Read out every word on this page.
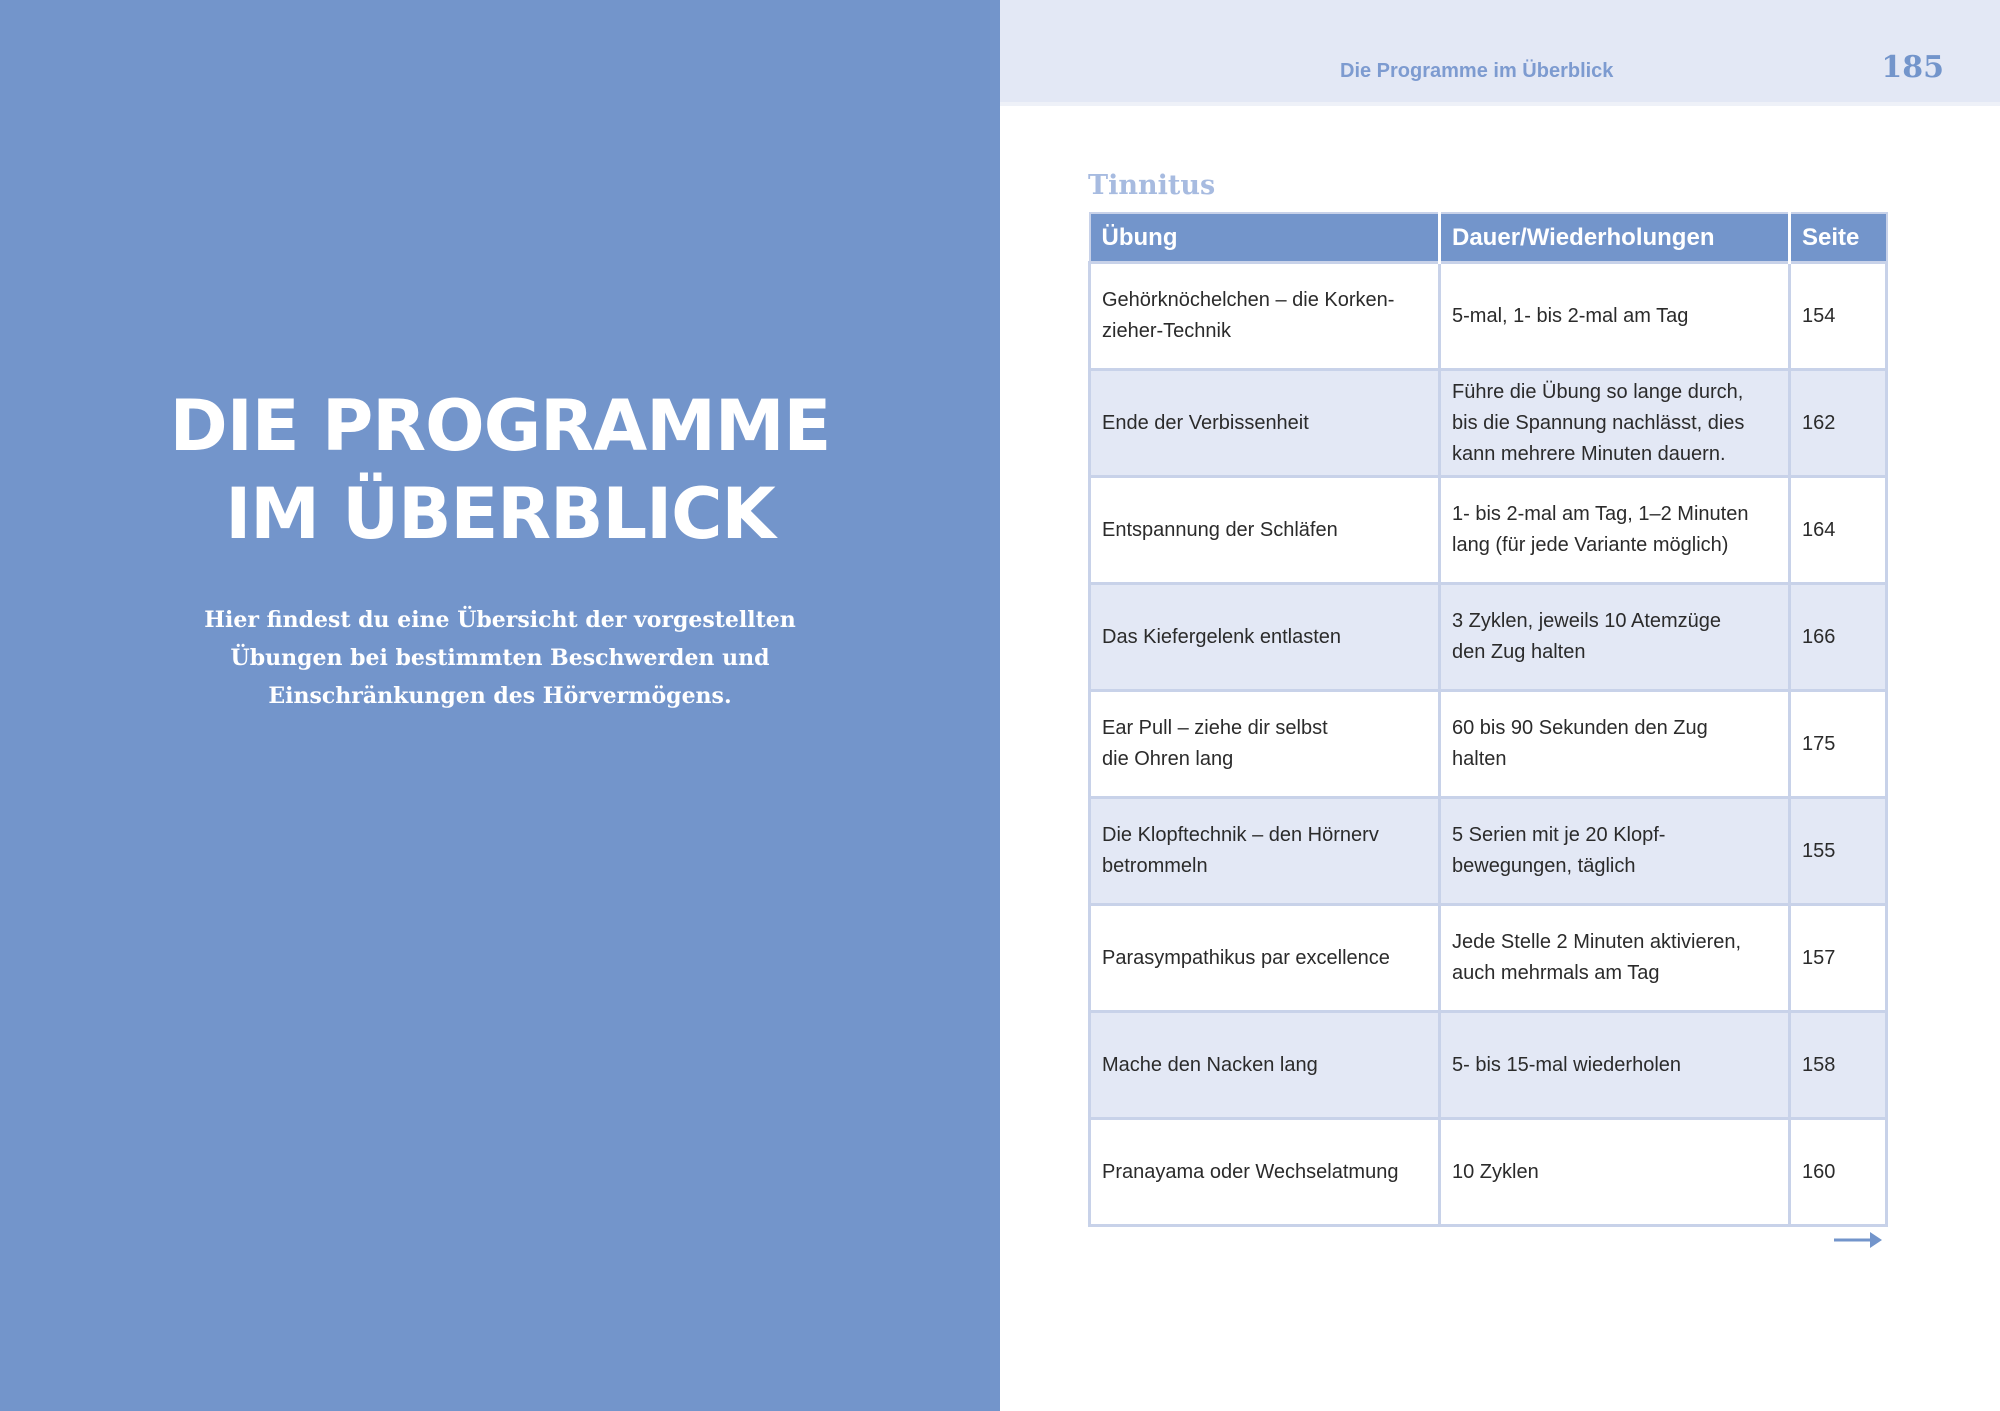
DIE PROGRAMME
IM ÜBERBLICK
Hier findest du eine Übersicht der vorgestellten
Übungen bei bestimmten Beschwerden und
Einschränkungen des Hörvermögens.
Die Programme im Überblick	185
Tinnitus
Übung	Dauer/Wiederholungen	Seite

Gehörknöchelchen – die Korken-
zieher-Technik	5-mal, 1- bis 2-mal am Tag	154

Ende der Verbissenheit	Führe die Übung so lange durch,
bis die Spannung nachlässt, dies
kann mehrere Minuten dauern.	162

Entspannung der Schläfen	1- bis 2-mal am Tag, 1–2 Minuten
lang (für jede Variante möglich)	164

Das Kiefergelenk entlasten	3 Zyklen, jeweils 10 Atemzüge
den Zug halten	166

Ear Pull – ziehe dir selbst
die Ohren lang	60 bis 90 Sekunden den Zug
halten	175

Die Klopftechnik – den Hörnerv
betrommeln	5 Serien mit je 20 Klopf-
bewegungen, täglich	155

Parasympathikus par excellence	Jede Stelle 2 Minuten aktivieren,
auch mehrmals am Tag	157

Mache den Nacken lang	5- bis 15-mal wiederholen	158

Pranayama oder Wechselatmung	10 Zyklen	160
